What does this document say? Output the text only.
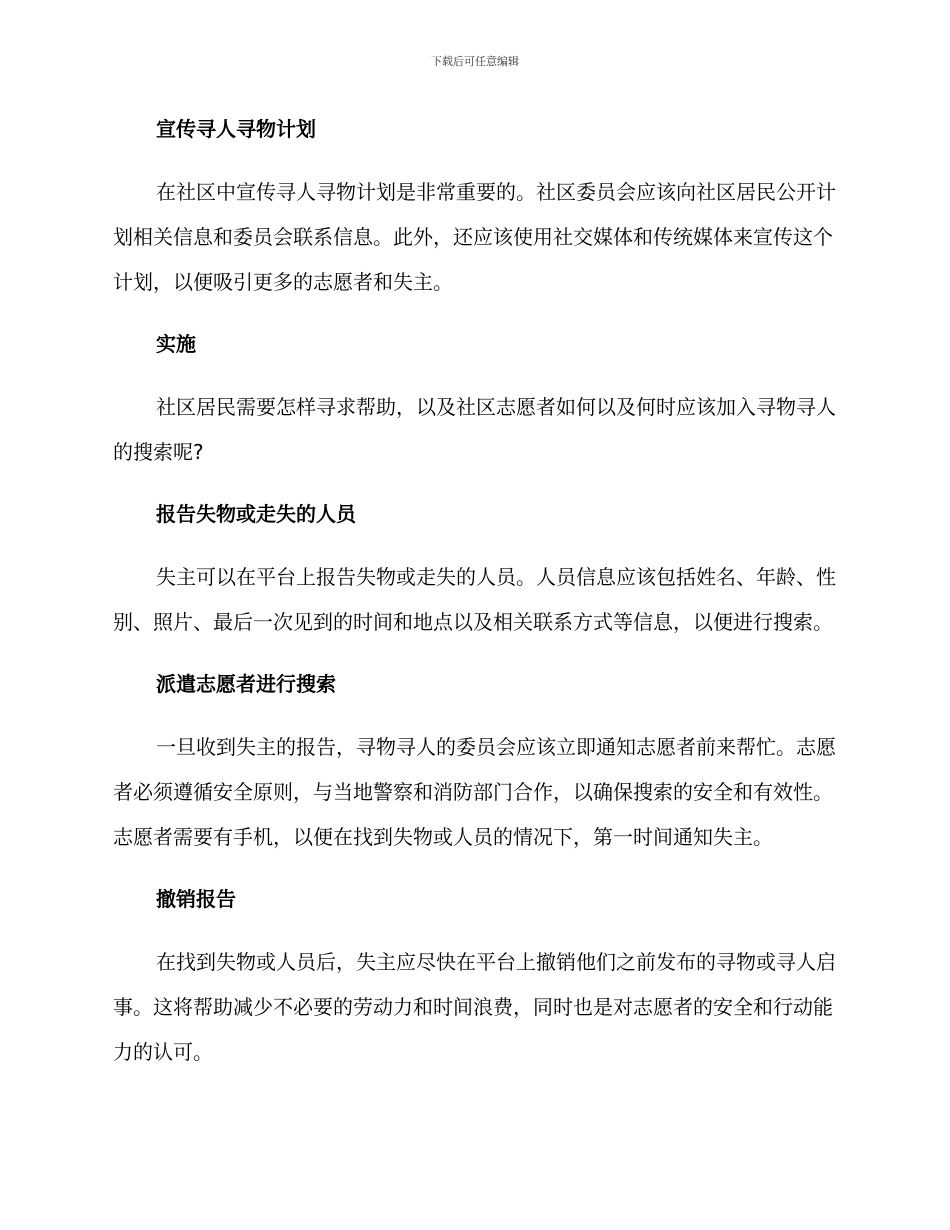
下载后可任意编辑
宣传寻人寻物计划

在社区中宣传寻人寻物计划是非常重要的。社区委员会应该向社区居民公开计划相关信息和委员会联系信息。此外，还应该使用社交媒体和传统媒体来宣传这个计划，以便吸引更多的志愿者和失主。

实施

社区居民需要怎样寻求帮助，以及社区志愿者如何以及何时应该加入寻物寻人的搜索呢?

报告失物或走失的人员

失主可以在平台上报告失物或走失的人员。人员信息应该包括姓名、年龄、性别、照片、最后一次见到的时间和地点以及相关联系方式等信息，以便进行搜索。

派遣志愿者进行搜索

一旦收到失主的报告，寻物寻人的委员会应该立即通知志愿者前来帮忙。志愿者必须遵循安全原则，与当地警察和消防部门合作，以确保搜索的安全和有效性。志愿者需要有手机，以便在找到失物或人员的情况下，第一时间通知失主。

撤销报告

在找到失物或人员后，失主应尽快在平台上撤销他们之前发布的寻物或寻人启事。这将帮助减少不必要的劳动力和时间浪费，同时也是对志愿者的安全和行动能力的认可。
